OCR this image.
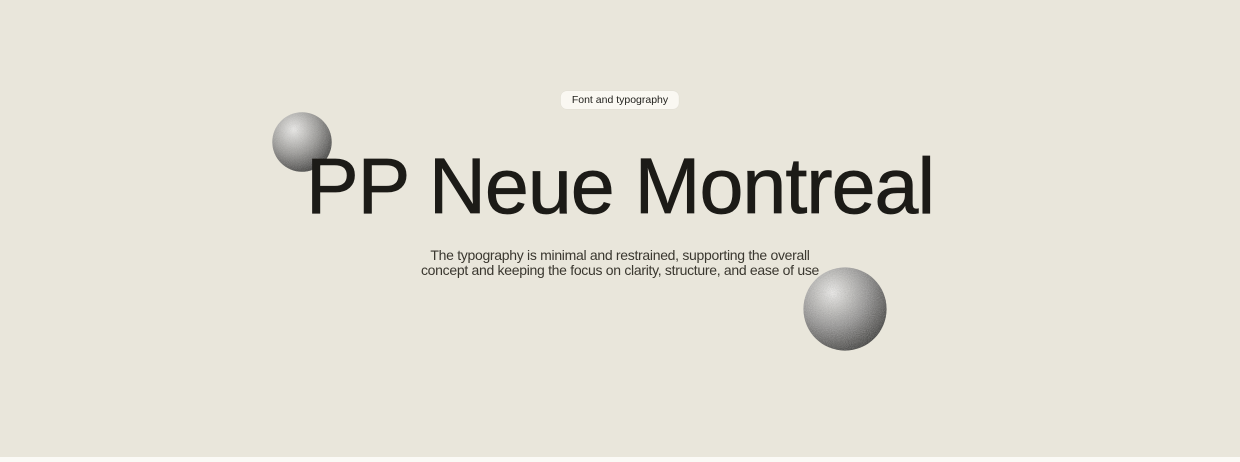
Font and typography
PP Neue Montreal
The typography is minimal and restrained, supporting the overall
concept and keeping the focus on clarity, structure, and ease of use
